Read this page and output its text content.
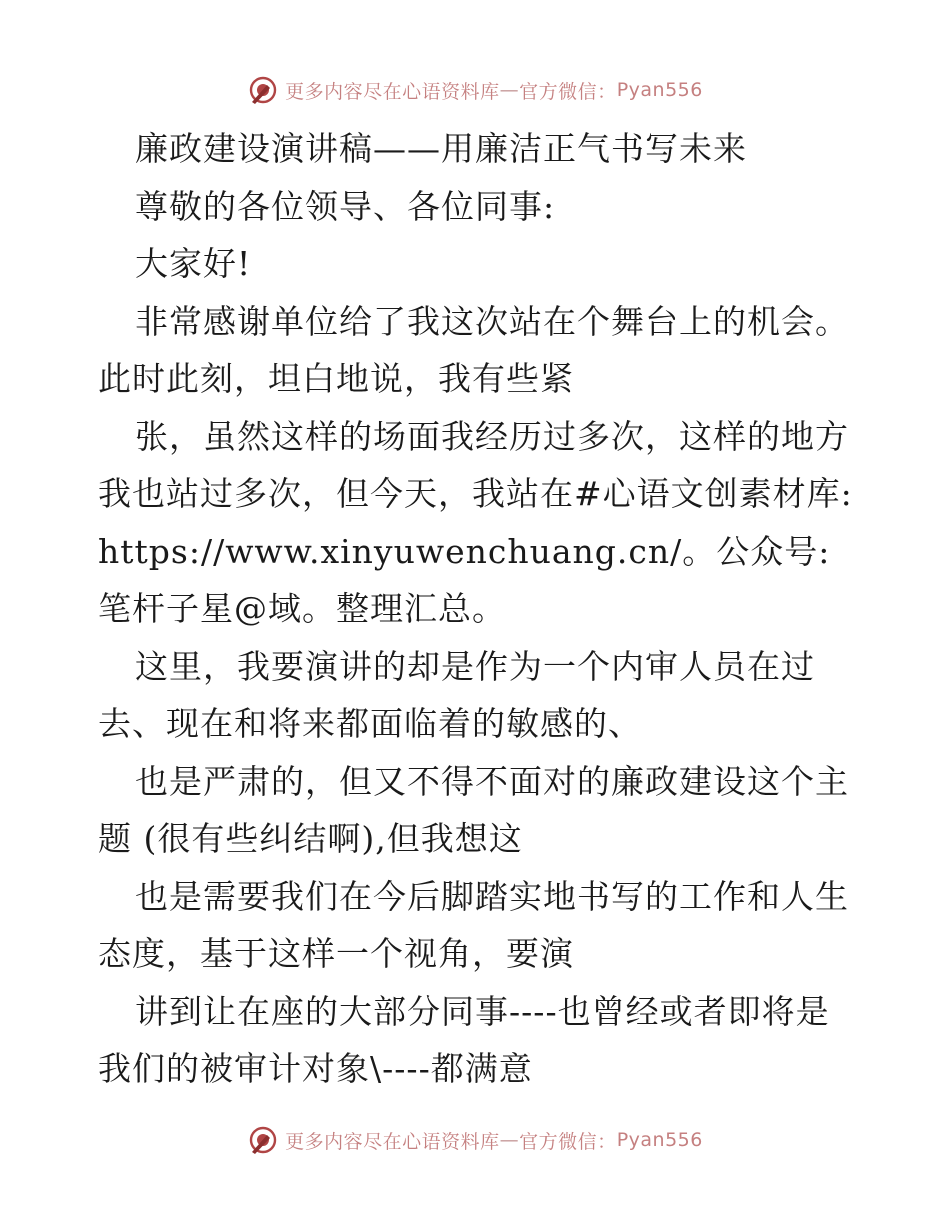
更多内容尽在心语资料库 — 官方微信： Pyan556

廉政建设演讲稿——用廉洁正气书写未来

尊敬的各位领导、各位同事:

大家好!

非常感谢单位给了我这次站在个舞台上的机会。此时此刻，坦白地说，我有些紧

张，虽然这样的场面我经历过多次，这样的地方我也站过多次，但今天，我站在#心语文创素材库: https://www.xinyuwenchuang.cn/。公众号: 笔杆子星@域。整理汇总。

这里，我要演讲的却是作为一个内审人员在过去、现在和将来都面临着的敏感的、

也是严肃的，但又不得不面对的廉政建设这个主题 (很有些纠结啊),但我想这

也是需要我们在今后脚踏实地书写的工作和人生态度，基于这样一个视角，要演

讲到让在座的大部分同事----也曾经或者即将是我们的被审计对象\----都满意

更多内容尽在心语资料库 — 官方微信： Pyan556
